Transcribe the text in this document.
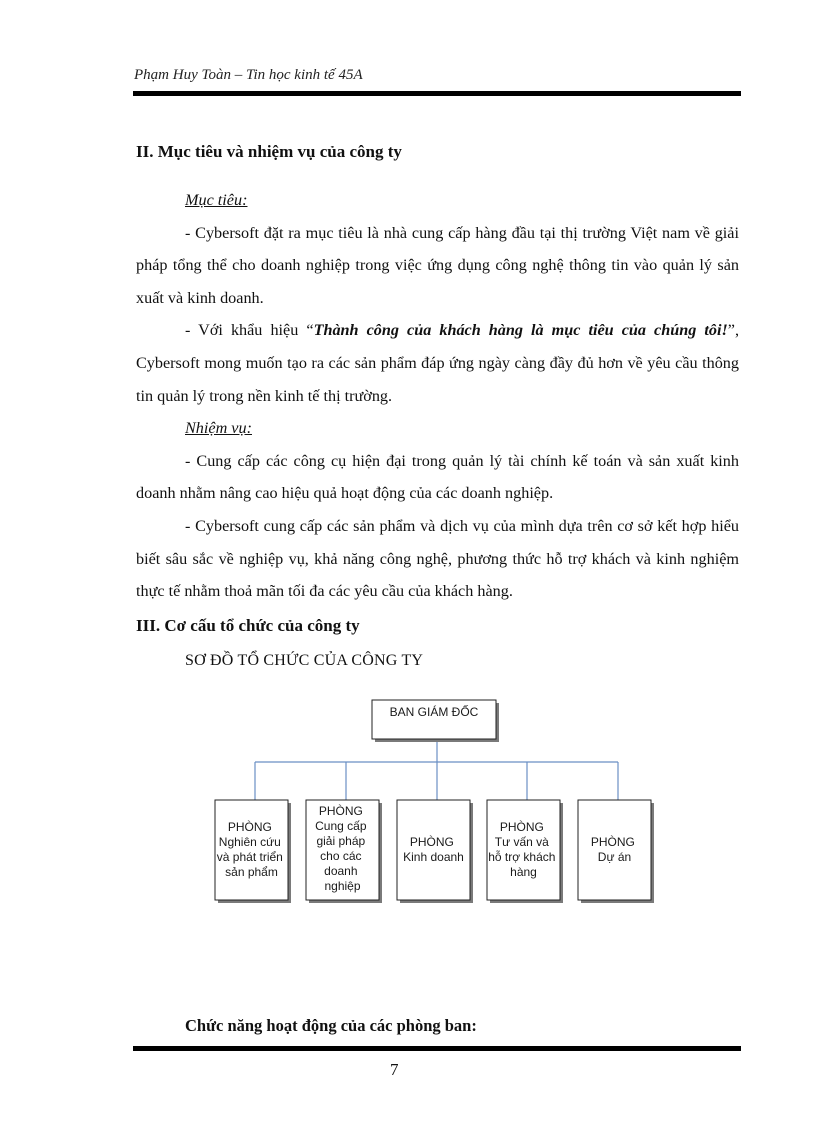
Phạm Huy Toàn – Tin học kinh tế 45A
II. Mục tiêu và nhiệm vụ của công ty
Mục tiêu:
- Cybersoft đặt ra mục tiêu là nhà cung cấp hàng đầu tại thị trường Việt nam về giải pháp tổng thể cho doanh nghiệp trong việc ứng dụng công nghệ thông tin vào quản lý sản xuất và kinh doanh.
- Với khẩu hiệu “Thành công của khách hàng là mục tiêu của chúng tôi!”, Cybersoft mong muốn tạo ra các sản phẩm đáp ứng ngày càng đầy đủ hơn về yêu cầu thông tin quản lý trong nền kinh tế thị trường.
Nhiệm vụ:
- Cung cấp các công cụ hiện đại trong quản lý tài chính kế toán và sản xuất kinh doanh nhằm nâng cao hiệu quả hoạt động của các doanh nghiệp.
- Cybersoft cung cấp các sản phẩm và dịch vụ của mình dựa trên cơ sở kết hợp hiểu biết sâu sắc về nghiệp vụ, khả năng công nghệ, phương thức hỗ trợ khách và kinh nghiệm thực tế nhằm thoả mãn tối đa các yêu cầu của khách hàng.
III. Cơ cấu tổ chức của công ty
SƠ ĐỒ TỔ CHỨC CỦA CÔNG TY
BAN GIÁM ĐỐC
PHÒNG Nghiên cứu và phát triển sản phẩm
PHÒNG Cung cấp giải pháp cho các doanh nghiệp
PHÒNG Kinh doanh
PHÒNG Tư vấn và hỗ trợ khách hàng
PHÒNG Dự án
Chức năng hoạt động của các phòng ban:
7
